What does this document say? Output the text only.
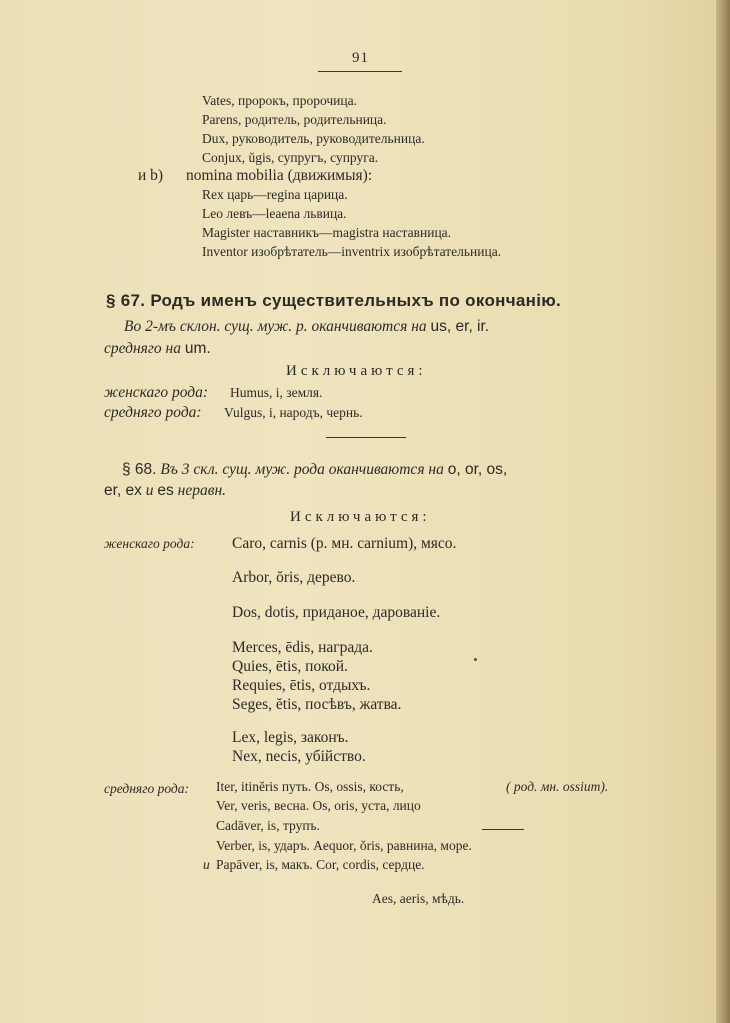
91
Vates, пророкъ, пророчица.
Parens, родитель, родительница.
Dux, руководитель, руководительница.
Conjux, ŭgis, супругъ, супруга.
и b) nomina mobilia (движимыя):
Rex царь—regina царица.
Leo левъ—leaena львица.
Magister наставникъ—magistra наставница.
Inventor изобрѣтатель—inventrix изобрѣтательница.
§ 67. Родъ именъ существительныхъ по окончанію.
Во 2-мъ склон. сущ. муж. р. оканчиваются на us, er, ir.
средняго на um.
Исключаются:
женскаго рода: Humus, i, земля.
средняго рода: Vulgus, i, народъ, чернь.
§ 68. Въ 3 скл. сущ. муж. рода оканчиваются на o, or, os,
er, ex и es неравн.
Исключаются:
женскаго рода: Caro, carnis (р. мн. carnium), мясо.
Arbor, ŏris, дерево.
Dos, dotis, приданое, дарованіе.
Merces, ēdis, награда.
Quies, ētis, покой.
Requies, ētis, отдыхъ.
Seges, ĕtis, посѣвъ, жатва.
Lex, legis, законъ.
Nex, necis, убійство.
средняго рода: Iter, itinĕris путь. Os, ossis, кость,	( род. мн. ossium).
Ver, veris, весна. Os, oris, уста, лицо
Cadāver, is, трупъ.
Verber, is, ударъ. Aequor, ŏris, равнина, море.
и Papāver, is, макъ. Cor, cordis, сердце.
Aes, aeris, мѣдь.
